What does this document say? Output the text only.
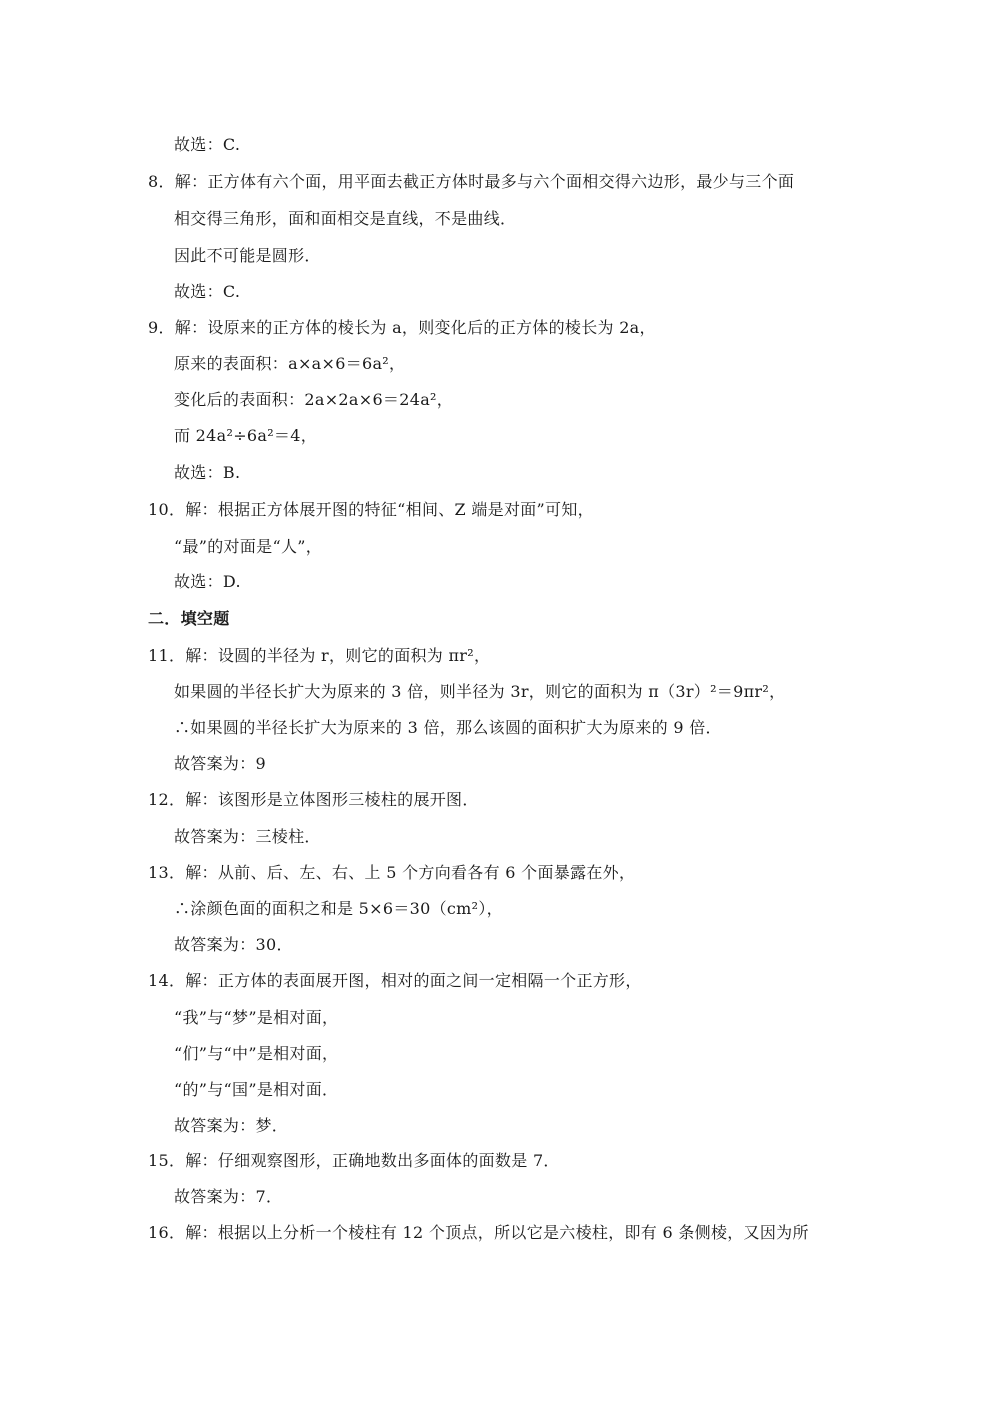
故选：C.
8．解：正方体有六个面，用平面去截正方体时最多与六个面相交得六边形，最少与三个面
相交得三角形，面和面相交是直线，不是曲线．
因此不可能是圆形．
故选：C.
9．解：设原来的正方体的棱长为 a，则变化后的正方体的棱长为 2a，
原来的表面积：a×a×6＝6a²，
变化后的表面积：2a×2a×6＝24a²，
而 24a²÷6a²＝4，
故选：B.
10．解：根据正方体展开图的特征“相间、Z 端是对面”可知，
“最”的对面是“人”，
故选：D.
二．填空题
11．解：设圆的半径为 r，则它的面积为 πr²，
如果圆的半径长扩大为原来的 3 倍，则半径为 3r，则它的面积为 π（3r）²＝9πr²，
∴如果圆的半径长扩大为原来的 3 倍，那么该圆的面积扩大为原来的 9 倍．
故答案为：9
12．解：该图形是立体图形三棱柱的展开图．
故答案为：三棱柱．
13．解：从前、后、左、右、上 5 个方向看各有 6 个面暴露在外，
∴涂颜色面的面积之和是 5×6＝30（cm²），
故答案为：30．
14．解：正方体的表面展开图，相对的面之间一定相隔一个正方形，
“我”与“梦”是相对面，
“们”与“中”是相对面，
“的”与“国”是相对面．
故答案为：梦．
15．解：仔细观察图形，正确地数出多面体的面数是 7．
故答案为：7．
16．解：根据以上分析一个棱柱有 12 个顶点，所以它是六棱柱，即有 6 条侧棱，又因为所
